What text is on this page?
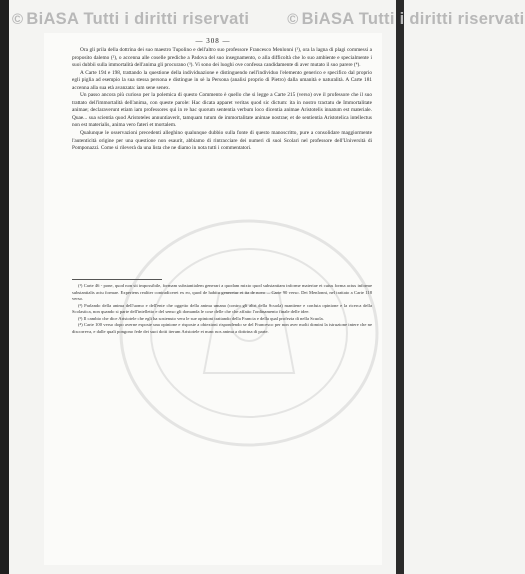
— 308 —

Ora gli prila della dottrina dei suo maestro Tupolino e dell'altro suo professore Francesco Menlonni (¹), ora la lagna di plagi commessi a proposito dalemo (²), o accenna alle coselle prediche a Padova del suo insegnamento, o alla difficoltà che lo suo ambiente e specialmente i suoi dubbii sulla immortalità dell'anima gli procurano (³). Vi sono dei luoghi ove confessa candidamente di aver mutato il suo parere (⁴).

A Carte 194 e 198, trattando la questione della individuazione e distinguendo nell'individuo l'elemento generico e specifico dal proprio egli piglia ad esempio la sua stessa persona e distingue in sè la Persona (analisi proprio di Pietro) dalla umanità e naturalità. A Carte 181 accenna alla sua età avanzata: iam sene senex.

Un passo ancora più curioso per la polemica di questo Commento è quello che si legge a Carte 215 (verso) ove il professore che il suo trattato dell'immortalità dell'anima, con queste parole: Hac dicata apparet veritas quod sic dictum: ita in nostro tractatu de Immortalitate animae; declaraverunt etiam iam professores qui in re hac quorum sententia verbum loco dicentia animae Aristotelis innatum est materiale. Quae... sua scientia quod Aristoteles annuntiaverit, tamquam tutum de immortalitate animae nostrae; et de sentientia Aristotelica intellectus non est materialis, anima vero fateri et mortalem.

Qualunque le osservazioni precedenti alleghino qualunque dubbio sulla fonte di questo manoscritto, pure a consolidare maggiormente l'autenticità origine per una questione non esaurit, abbiamo di rintracciare dei numeri di suoi Scolari nel professore dell'Università di Pomponazzi. Come si rileverà da una lista che ne diamo in nota tutti i commentatori.

(¹) Carte 46 - pone, quod non sit impossibile, formam substantialem generari a quodam mixto quod substantiam informe materiae et cuius forma actus informe substantialis actu formae. Experiens realiter contradiceret ex eo, quod de habitu generetur et ita de novo ... Carte 90 verso. Dei Menlonni, nel trattato a Carte 118 verso.

(²) Parlando della anima dell'uomo e dell'ente che oggetto della anima umana (contro gli altri della Scuola) mantiene e confuta opinione e la ricerca della Scolastica, non quando si parte dell'intelletto e del senso gli domanda le cose delle che che affatto l'ordinamento finale delle idee.

(³) Il cambio che dice Aristotele che egli ha sostenuto vera le sue opinioni trattando della Francia e della qual profezia di nella Scuola.

(⁴) Carte 100 verso dopo averne esposte una opinione e risposte a obiezioni rispondendo se del Francesco per non aver molti domini la istruzione intere che ne discorreva, e dalle quali pongono fede dei suoi dotti iterum Aristotele et nunc nos anima a dottrina di parte.

© BiASA Tutti i diritti riservati	© BiASA Tutti i diritti riservati
